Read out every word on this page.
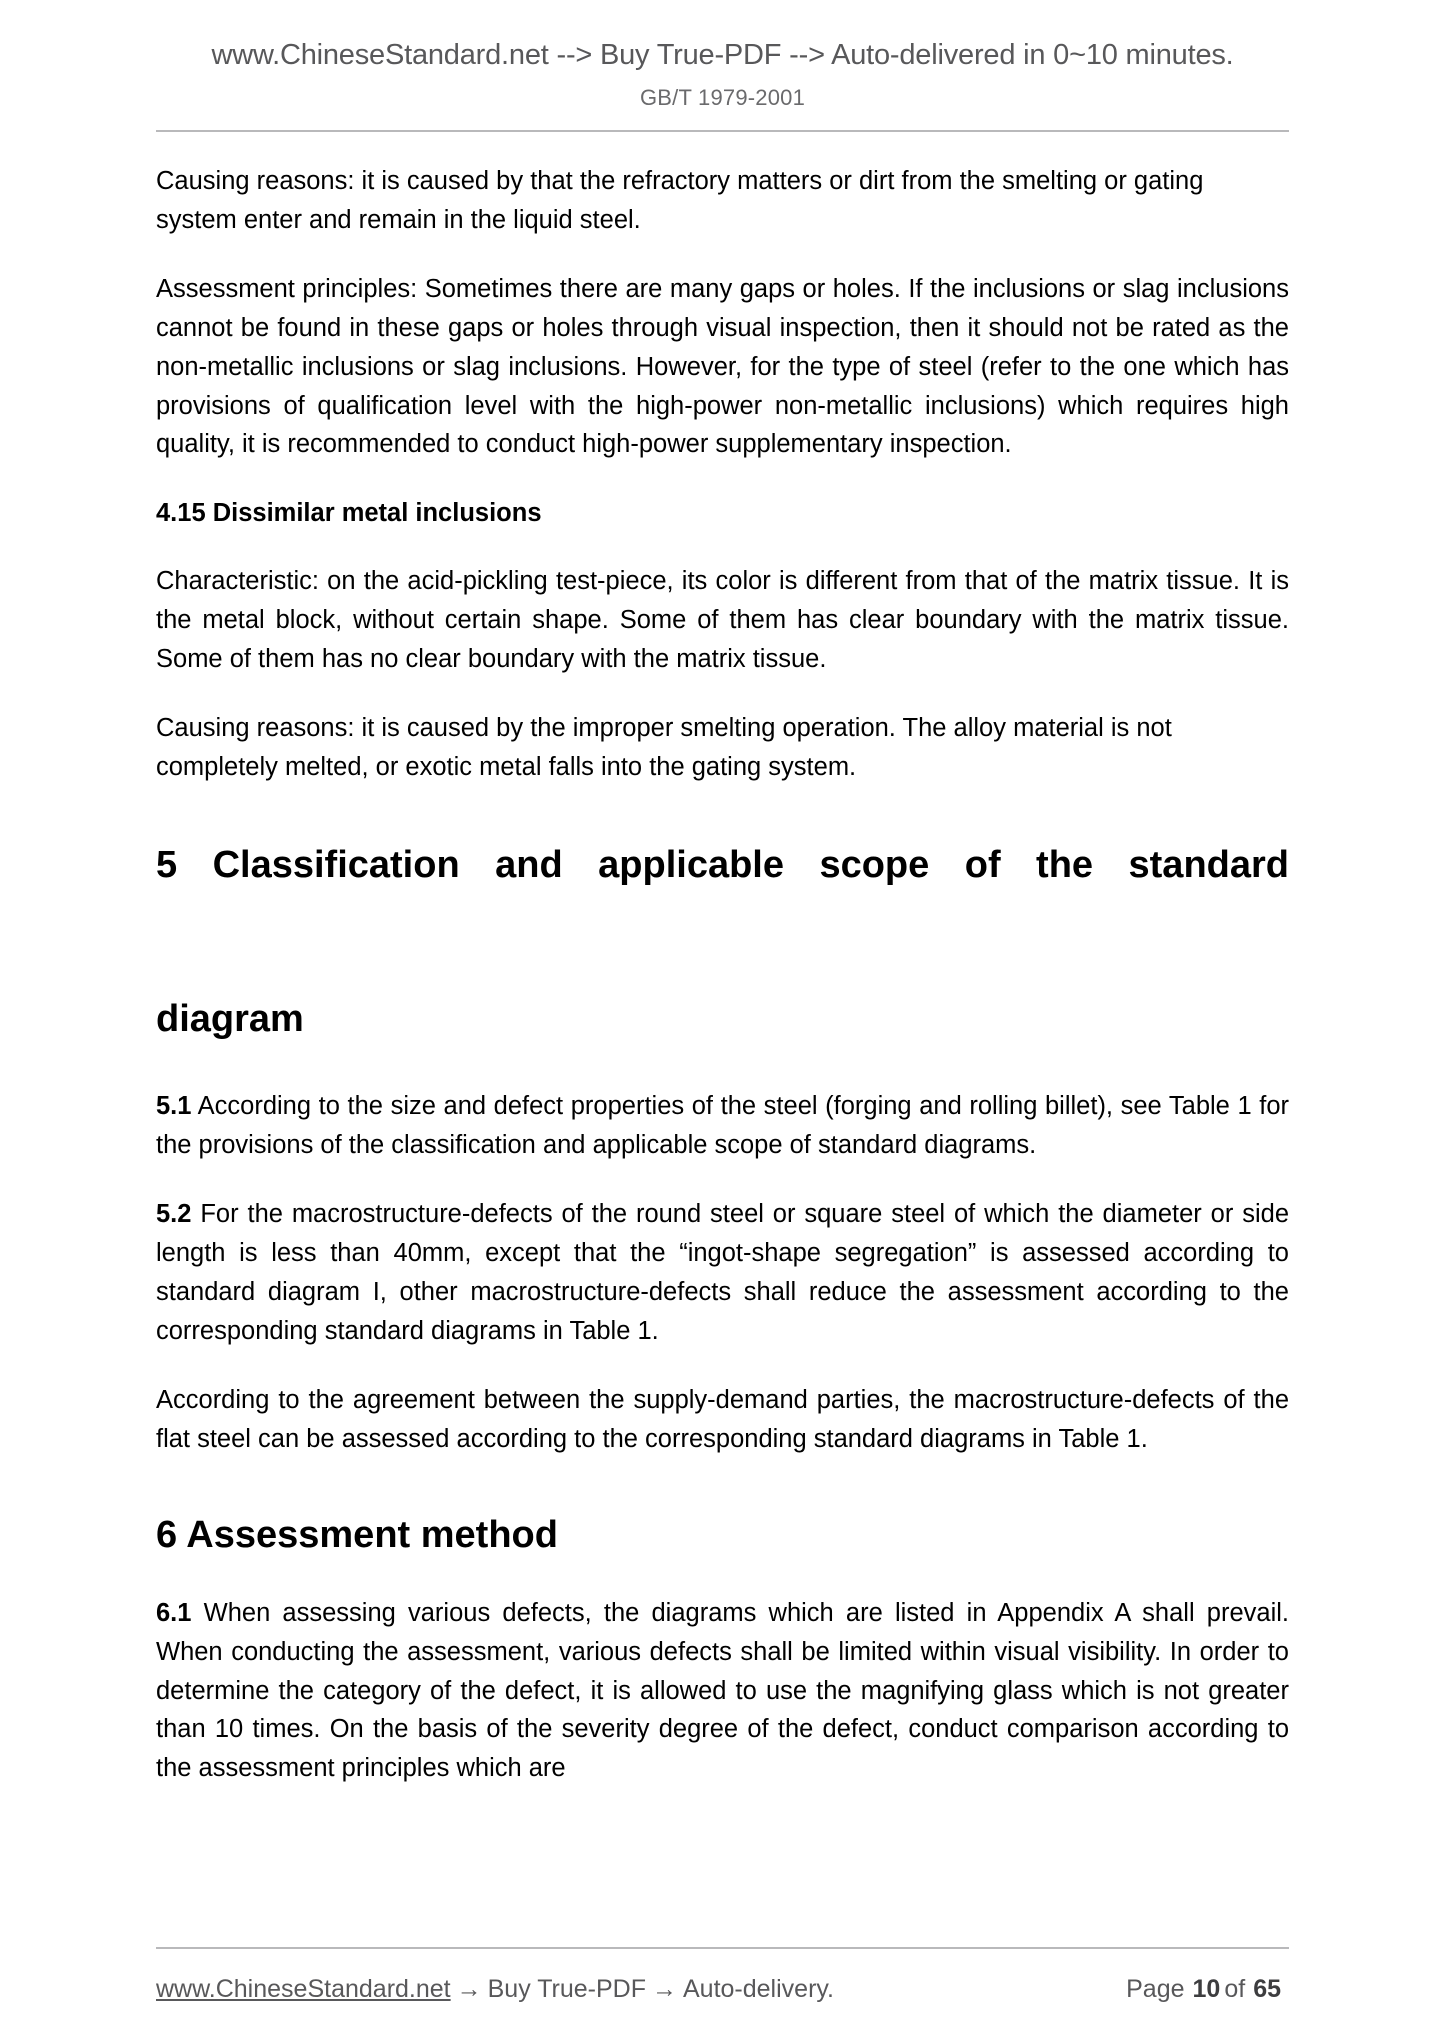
www.ChineseStandard.net --> Buy True-PDF --> Auto-delivered in 0~10 minutes.
GB/T 1979-2001

Causing reasons: it is caused by that the refractory matters or dirt from the smelting or gating system enter and remain in the liquid steel.

Assessment principles: Sometimes there are many gaps or holes. If the inclusions or slag inclusions cannot be found in these gaps or holes through visual inspection, then it should not be rated as the non-metallic inclusions or slag inclusions. However, for the type of steel (refer to the one which has provisions of qualification level with the high-power non-metallic inclusions) which requires high quality, it is recommended to conduct high-power supplementary inspection.

4.15 Dissimilar metal inclusions

Characteristic: on the acid-pickling test-piece, its color is different from that of the matrix tissue. It is the metal block, without certain shape. Some of them has clear boundary with the matrix tissue. Some of them has no clear boundary with the matrix tissue.

Causing reasons: it is caused by the improper smelting operation. The alloy material is not completely melted, or exotic metal falls into the gating system.

5 Classification and applicable scope of the standard
diagram

5.1 According to the size and defect properties of the steel (forging and rolling billet), see Table 1 for the provisions of the classification and applicable scope of standard diagrams.

5.2 For the macrostructure-defects of the round steel or square steel of which the diameter or side length is less than 40mm, except that the “ingot-shape segregation” is assessed according to standard diagram I, other macrostructure-defects shall reduce the assessment according to the corresponding standard diagrams in Table 1.

According to the agreement between the supply-demand parties, the macrostructure-defects of the flat steel can be assessed according to the corresponding standard diagrams in Table 1.

6 Assessment method

6.1 When assessing various defects, the diagrams which are listed in Appendix A shall prevail. When conducting the assessment, various defects shall be limited within visual visibility. In order to determine the category of the defect, it is allowed to use the magnifying glass which is not greater than 10 times. On the basis of the severity degree of the defect, conduct comparison according to the assessment principles which are

www.ChineseStandard.net → Buy True-PDF → Auto-delivery.	Page 10 of 65
